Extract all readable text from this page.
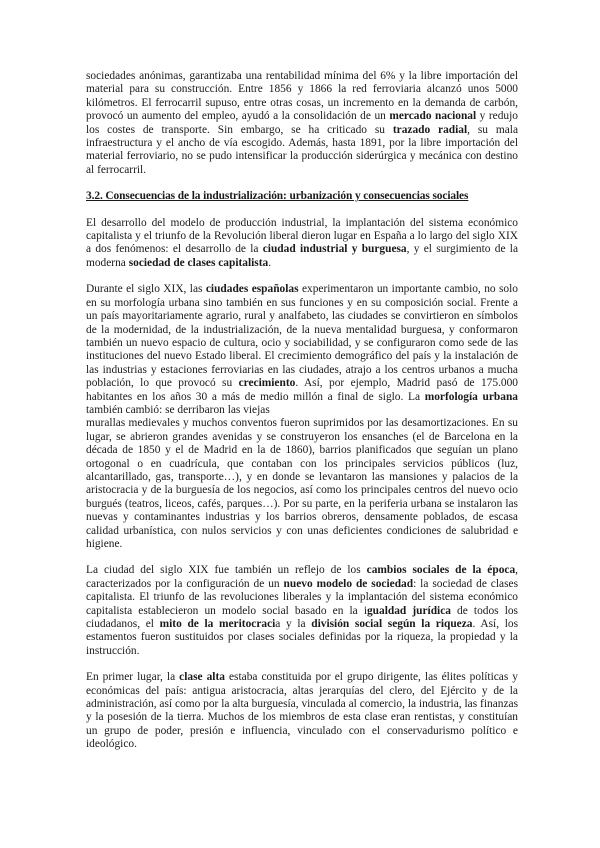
sociedades anónimas, garantizaba una rentabilidad mínima del 6% y la libre importación del material para su construcción. Entre 1856 y 1866 la red ferroviaria alcanzó unos 5000 kilómetros. El ferrocarril supuso, entre otras cosas, un incremento en la demanda de carbón, provocó un aumento del empleo, ayudó a la consolidación de un mercado nacional y redujo los costes de transporte. Sin embargo, se ha criticado su trazado radial, su mala infraestructura y el ancho de vía escogido. Además, hasta 1891, por la libre importación del material ferroviario, no se pudo intensificar la producción siderúrgica y mecánica con destino al ferrocarril.

3.2. Consecuencias de la industrialización: urbanización y consecuencias sociales

El desarrollo del modelo de producción industrial, la implantación del sistema económico capitalista y el triunfo de la Revolución liberal dieron lugar en España a lo largo del siglo XIX a dos fenómenos: el desarrollo de la ciudad industrial y burguesa, y el surgimiento de la moderna sociedad de clases capitalista.

Durante el siglo XIX, las ciudades españolas experimentaron un importante cambio, no solo en su morfología urbana sino también en sus funciones y en su composición social. Frente a un país mayoritariamente agrario, rural y analfabeto, las ciudades se convirtieron en símbolos de la modernidad, de la industrialización, de la nueva mentalidad burguesa, y conformaron también un nuevo espacio de cultura, ocio y sociabilidad, y se configuraron como sede de las instituciones del nuevo Estado liberal. El crecimiento demográfico del país y la instalación de las industrias y estaciones ferroviarias en las ciudades, atrajo a los centros urbanos a mucha población, lo que provocó su crecimiento. Así, por ejemplo, Madrid pasó de 175.000 habitantes en los años 30 a más de medio millón a final de siglo. La morfología urbana también cambió: se derribaron las viejas

murallas medievales y muchos conventos fueron suprimidos por las desamortizaciones. En su lugar, se abrieron grandes avenidas y se construyeron los ensanches (el de Barcelona en la década de 1850 y el de Madrid en la de 1860), barrios planificados que seguían un plano ortogonal o en cuadrícula, que contaban con los principales servicios públicos (luz, alcantarillado, gas, transporte…), y en donde se levantaron las mansiones y palacios de la aristocracia y de la burguesía de los negocios, así como los principales centros del nuevo ocio burgués (teatros, liceos, cafés, parques…). Por su parte, en la periferia urbana se instalaron las nuevas y contaminantes industrias y los barrios obreros, densamente poblados, de escasa calidad urbanística, con nulos servicios y con unas deficientes condiciones de salubridad e higiene.

La ciudad del siglo XIX fue también un reflejo de los cambios sociales de la época, caracterizados por la configuración de un nuevo modelo de sociedad: la sociedad de clases capitalista. El triunfo de las revoluciones liberales y la implantación del sistema económico capitalista establecieron un modelo social basado en la igualdad jurídica de todos los ciudadanos, el mito de la meritocracia y la división social según la riqueza. Así, los estamentos fueron sustituidos por clases sociales definidas por la riqueza, la propiedad y la instrucción.

En primer lugar, la clase alta estaba constituida por el grupo dirigente, las élites políticas y económicas del país: antigua aristocracia, altas jerarquías del clero, del Ejército y de la administración, así como por la alta burguesía, vinculada al comercio, la industria, las finanzas y la posesión de la tierra. Muchos de los miembros de esta clase eran rentistas, y constituían un grupo de poder, presión e influencia, vinculado con el conservadurismo político e ideológico.
